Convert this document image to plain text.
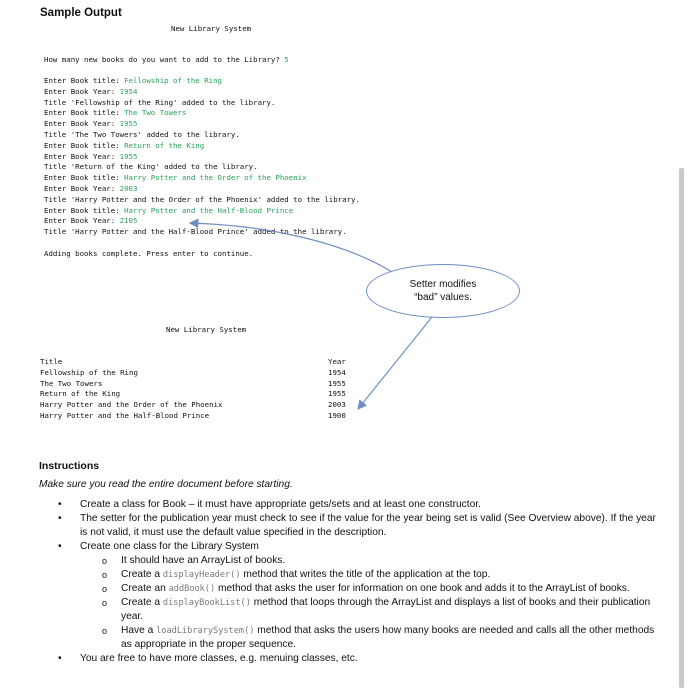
Sample Output
New Library System
How many new books do you want to add to the Library? 5
Enter Book title: Fellowship of the Ring
Enter Book Year: 1954
Title 'Fellowship of the Ring' added to the library.
Enter Book title: The Two Towers
Enter Book Year: 1955
Title 'The Two Towers' added to the library.
Enter Book title: Return of the King
Enter Book Year: 1955
Title 'Return of the King' added to the library.
Enter Book title: Harry Potter and the Order of the Phoenix
Enter Book Year: 2003
Title 'Harry Potter and the Order of the Phoenix' added to the library.
Enter Book title: Harry Potter and the Half-Blood Prince
Enter Book Year: 2105
Title 'Harry Potter and the Half-Blood Prince' added to the library.
Adding books complete. Press enter to continue.
Setter modifies
“bad” values.
New Library System
Title
Fellowship of the Ring
The Two Towers
Return of the King
Harry Potter and the Order of the Phoenix
Harry Potter and the Half-Blood Prince
Year
1954
1955
1955
2003
1900
Instructions
Make sure you read the entire document before starting.
• Create a class for Book – it must have appropriate gets/sets and at least one constructor.
• The setter for the publication year must check to see if the value for the year being set is valid (See Overview above). If the year is not valid, it must use the default value specified in the description.
• Create one class for the Library System
o It should have an ArrayList of books.
o Create a displayHeader() method that writes the title of the application at the top.
o Create an addBook() method that asks the user for information on one book and adds it to the ArrayList of books.
o Create a displayBookList() method that loops through the ArrayList and displays a list of books and their publication year.
o Have a loadLibrarySystem() method that asks the users how many books are needed and calls all the other methods as appropriate in the proper sequence.
• You are free to have more classes, e.g. menuing classes, etc.
